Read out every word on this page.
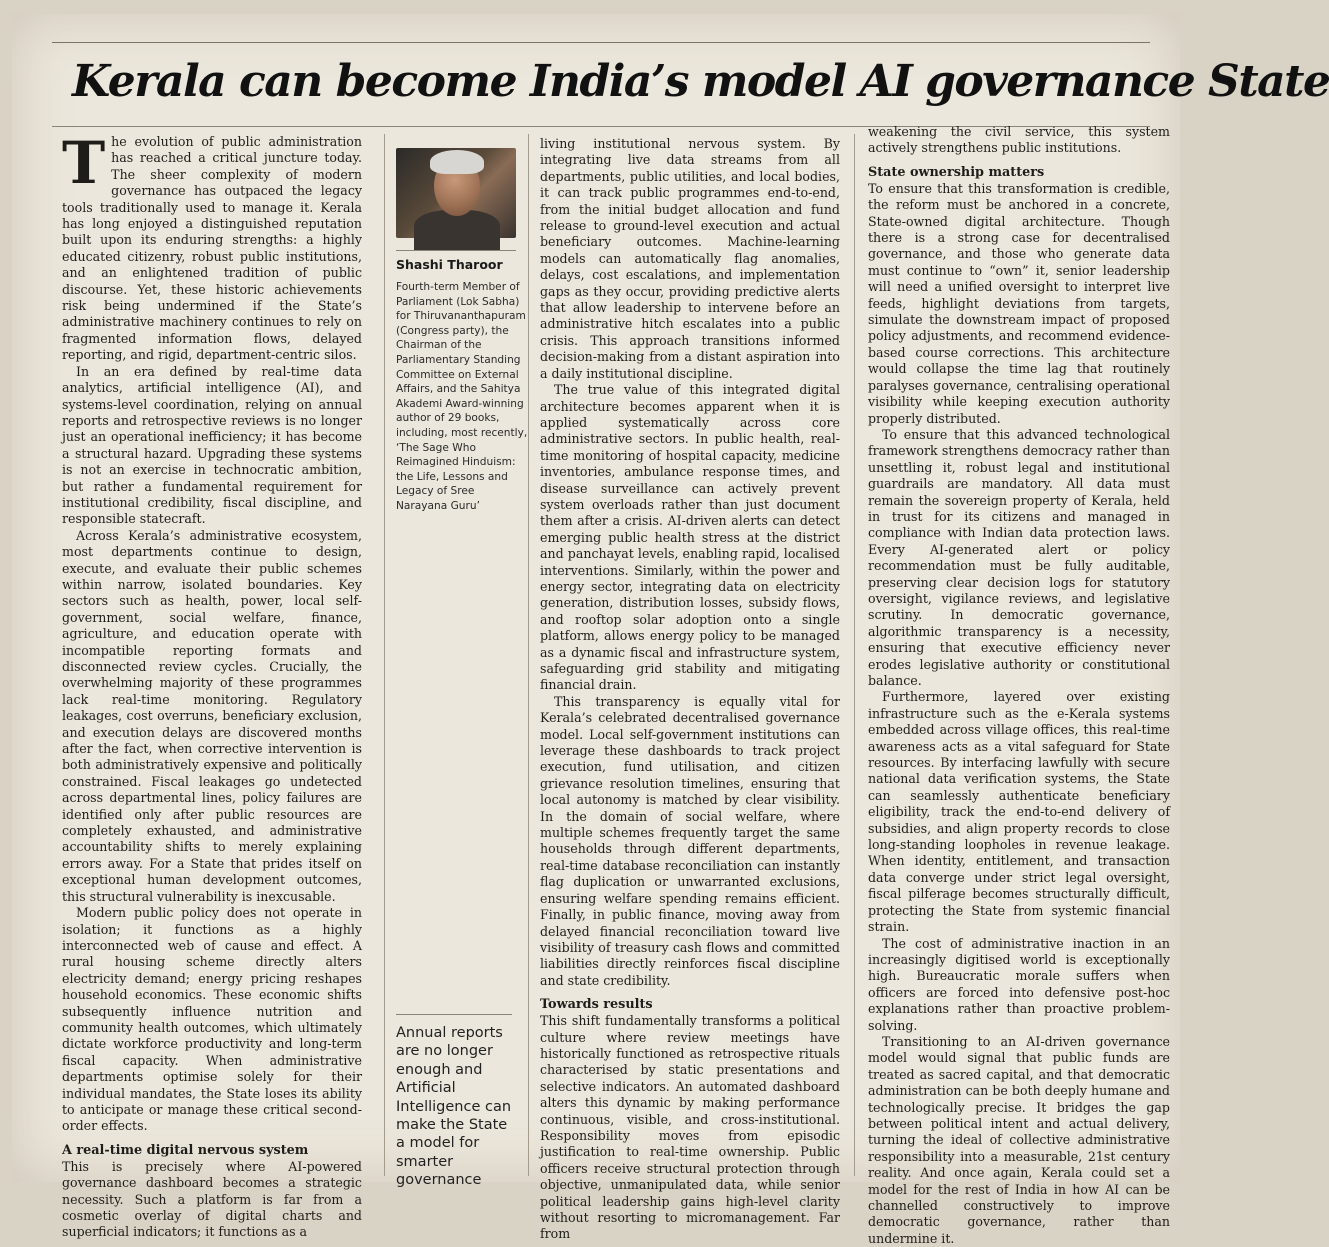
Kerala can become India’s model AI governance State

The evolution of public administration has reached a critical juncture today. The sheer complexity of modern governance has outpaced the legacy tools traditionally used to manage it. Kerala has long enjoyed a distinguished reputation built upon its enduring strengths: a highly educated citizenry, robust public institutions, and an enlightened tradition of public discourse. Yet, these historic achievements risk being undermined if the State’s administrative machinery continues to rely on fragmented information flows, delayed reporting, and rigid, department-centric silos.

In an era defined by real-time data analytics, artificial intelligence (AI), and systems-level coordination, relying on annual reports and retrospective reviews is no longer just an operational inefficiency; it has become a structural hazard. Upgrading these systems is not an exercise in technocratic ambition, but rather a fundamental requirement for institutional credibility, fiscal discipline, and responsible statecraft.

Across Kerala’s administrative ecosystem, most departments continue to design, execute, and evaluate their public schemes within narrow, isolated boundaries. Key sectors such as health, power, local self-government, social welfare, finance, agriculture, and education operate with incompatible reporting formats and disconnected review cycles. Crucially, the overwhelming majority of these programmes lack real-time monitoring. Regulatory leakages, cost overruns, beneficiary exclusion, and execution delays are discovered months after the fact, when corrective intervention is both administratively expensive and politically constrained. Fiscal leakages go undetected across departmental lines, policy failures are identified only after public resources are completely exhausted, and administrative accountability shifts to merely explaining errors away. For a State that prides itself on exceptional human development outcomes, this structural vulnerability is inexcusable.

Modern public policy does not operate in isolation; it functions as a highly interconnected web of cause and effect. A rural housing scheme directly alters electricity demand; energy pricing reshapes household economics. These economic shifts subsequently influence nutrition and community health outcomes, which ultimately dictate workforce productivity and long-term fiscal capacity. When administrative departments optimise solely for their individual mandates, the State loses its ability to anticipate or manage these critical second-order effects.

A real-time digital nervous system

This is precisely where AI-powered governance dashboard becomes a strategic necessity. Such a platform is far from a cosmetic overlay of digital charts and superficial indicators; it functions as a

Shashi Tharoor
Fourth-term Member of Parliament (Lok Sabha) for Thiruvananthapuram (Congress party), the Chairman of the Parliamentary Standing Committee on External Affairs, and the Sahitya Akademi Award-winning author of 29 books, including, most recently, ‘The Sage Who Reimagined Hinduism: the Life, Lessons and Legacy of Sree Narayana Guru’
Annual reports are no longer enough and Artificial Intelligence can make the State a model for smarter governance

living institutional nervous system. By integrating live data streams from all departments, public utilities, and local bodies, it can track public programmes end-to-end, from the initial budget allocation and fund release to ground-level execution and actual beneficiary outcomes. Machine-learning models can automatically flag anomalies, delays, cost escalations, and implementation gaps as they occur, providing predictive alerts that allow leadership to intervene before an administrative hitch escalates into a public crisis. This approach transitions informed decision-making from a distant aspiration into a daily institutional discipline.

The true value of this integrated digital architecture becomes apparent when it is applied systematically across core administrative sectors. In public health, real-time monitoring of hospital capacity, medicine inventories, ambulance response times, and disease surveillance can actively prevent system overloads rather than just document them after a crisis. AI-driven alerts can detect emerging public health stress at the district and panchayat levels, enabling rapid, localised interventions. Similarly, within the power and energy sector, integrating data on electricity generation, distribution losses, subsidy flows, and rooftop solar adoption onto a single platform, allows energy policy to be managed as a dynamic fiscal and infrastructure system, safeguarding grid stability and mitigating financial drain.

This transparency is equally vital for Kerala’s celebrated decentralised governance model. Local self-government institutions can leverage these dashboards to track project execution, fund utilisation, and citizen grievance resolution timelines, ensuring that local autonomy is matched by clear visibility. In the domain of social welfare, where multiple schemes frequently target the same households through different departments, real-time database reconciliation can instantly flag duplication or unwarranted exclusions, ensuring welfare spending remains efficient. Finally, in public finance, moving away from delayed financial reconciliation toward live visibility of treasury cash flows and committed liabilities directly reinforces fiscal discipline and state credibility.

Towards results

This shift fundamentally transforms a political culture where review meetings have historically functioned as retrospective rituals characterised by static presentations and selective indicators. An automated dashboard alters this dynamic by making performance continuous, visible, and cross-institutional. Responsibility moves from episodic justification to real-time ownership. Public officers receive structural protection through objective, unmanipulated data, while senior political leadership gains high-level clarity without resorting to micromanagement. Far from

weakening the civil service, this system actively strengthens public institutions.

State ownership matters

To ensure that this transformation is credible, the reform must be anchored in a concrete, State-owned digital architecture. Though there is a strong case for decentralised governance, and those who generate data must continue to “own” it, senior leadership will need a unified oversight to interpret live feeds, highlight deviations from targets, simulate the downstream impact of proposed policy adjustments, and recommend evidence-based course corrections. This architecture would collapse the time lag that routinely paralyses governance, centralising operational visibility while keeping execution authority properly distributed.

To ensure that this advanced technological framework strengthens democracy rather than unsettling it, robust legal and institutional guardrails are mandatory. All data must remain the sovereign property of Kerala, held in trust for its citizens and managed in compliance with Indian data protection laws. Every AI-generated alert or policy recommendation must be fully auditable, preserving clear decision logs for statutory oversight, vigilance reviews, and legislative scrutiny. In democratic governance, algorithmic transparency is a necessity, ensuring that executive efficiency never erodes legislative authority or constitutional balance.

Furthermore, layered over existing infrastructure such as the e-Kerala systems embedded across village offices, this real-time awareness acts as a vital safeguard for State resources. By interfacing lawfully with secure national data verification systems, the State can seamlessly authenticate beneficiary eligibility, track the end-to-end delivery of subsidies, and align property records to close long-standing loopholes in revenue leakage. When identity, entitlement, and transaction data converge under strict legal oversight, fiscal pilferage becomes structurally difficult, protecting the State from systemic financial strain.

The cost of administrative inaction in an increasingly digitised world is exceptionally high. Bureaucratic morale suffers when officers are forced into defensive post-hoc explanations rather than proactive problem-solving.

Transitioning to an AI-driven governance model would signal that public funds are treated as sacred capital, and that democratic administration can be both deeply humane and technologically precise. It bridges the gap between political intent and actual delivery, turning the ideal of collective administrative responsibility into a measurable, 21st century reality. And once again, Kerala could set a model for the rest of India in how AI can be channelled constructively to improve democratic governance, rather than undermine it.
